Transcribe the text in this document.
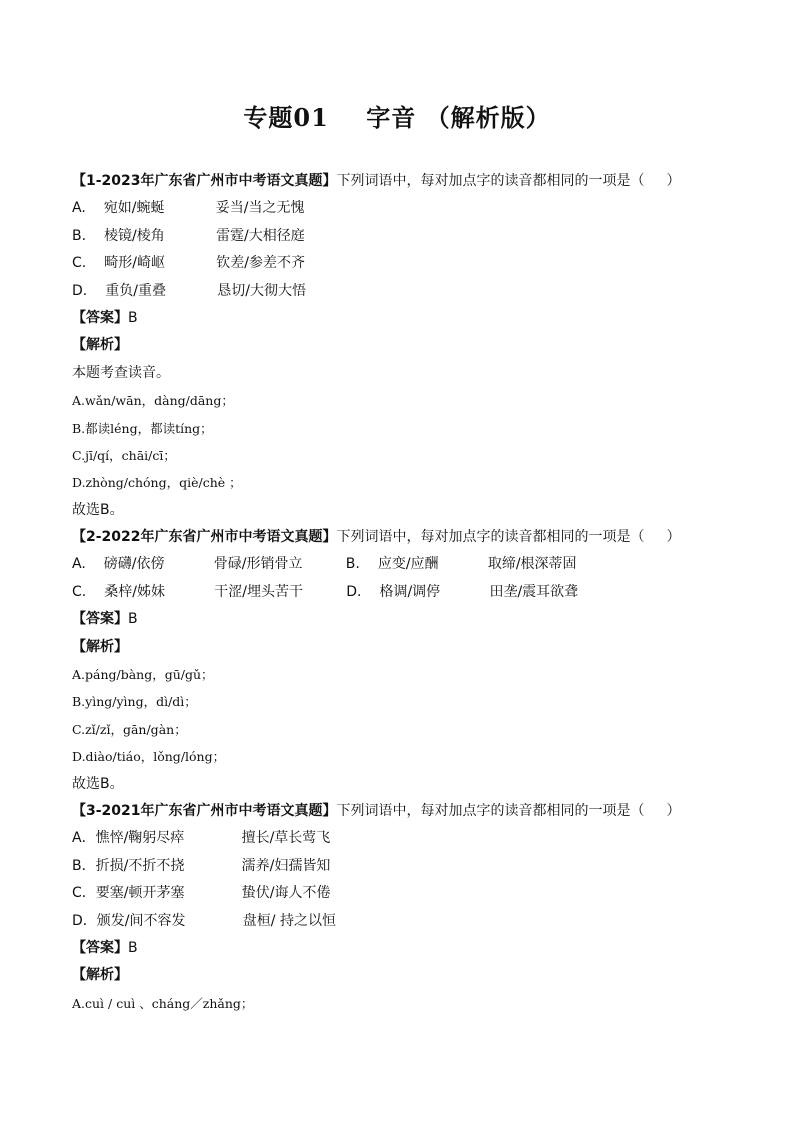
专题01    字音 （解析版）
【1-2023年广东省广州市中考语文真题】下列词语中，每对加点字的读音都相同的一项是（ ）
A. 宛如/蜿蜒	妥当/当之无愧
B. 棱镜/棱角	雷霆/大相径庭
C. 畸形/崎岖	钦差/参差不齐
D. 重负/重叠	恳切/大彻大悟
【答案】B
【解析】
本题考查读音。
A.wǎn/wān，dàng/dāng；
B.都读léng，都读tíng；
C.jī/qí，chāi/cī；
D.zhòng/chóng，qiè/chè ；
故选B。
【2-2022年广东省广州市中考语文真题】下列词语中，每对加点字的读音都相同的一项是（ ）
A. 磅礴/依傍	骨碌/形销骨立	B. 应变/应酬	取缔/根深蒂固
C. 桑梓/姊妹	干涩/埋头苦干	D. 格调/调停	田垄/震耳欲聋
【答案】B
【解析】
A.páng/bàng，gū/gǔ；
B.yìng/yìng，dì/dì；
C.zǐ/zǐ，gān/gàn；
D.diào/tiáo，lǒng/lóng；
故选B。
【3-2021年广东省广州市中考语文真题】下列词语中，每对加点字的读音都相同的一项是（ ）
A．憔悴/鞠躬尽瘁	擅长/草长莺飞
B．折损/不折不挠	濡养/妇孺皆知
C．要塞/顿开茅塞	蛰伏/诲人不倦
D．颁发/间不容发	盘桓/ 持之以恒
【答案】B
【解析】
A.cuì / cuì 、cháng／zhǎng；
